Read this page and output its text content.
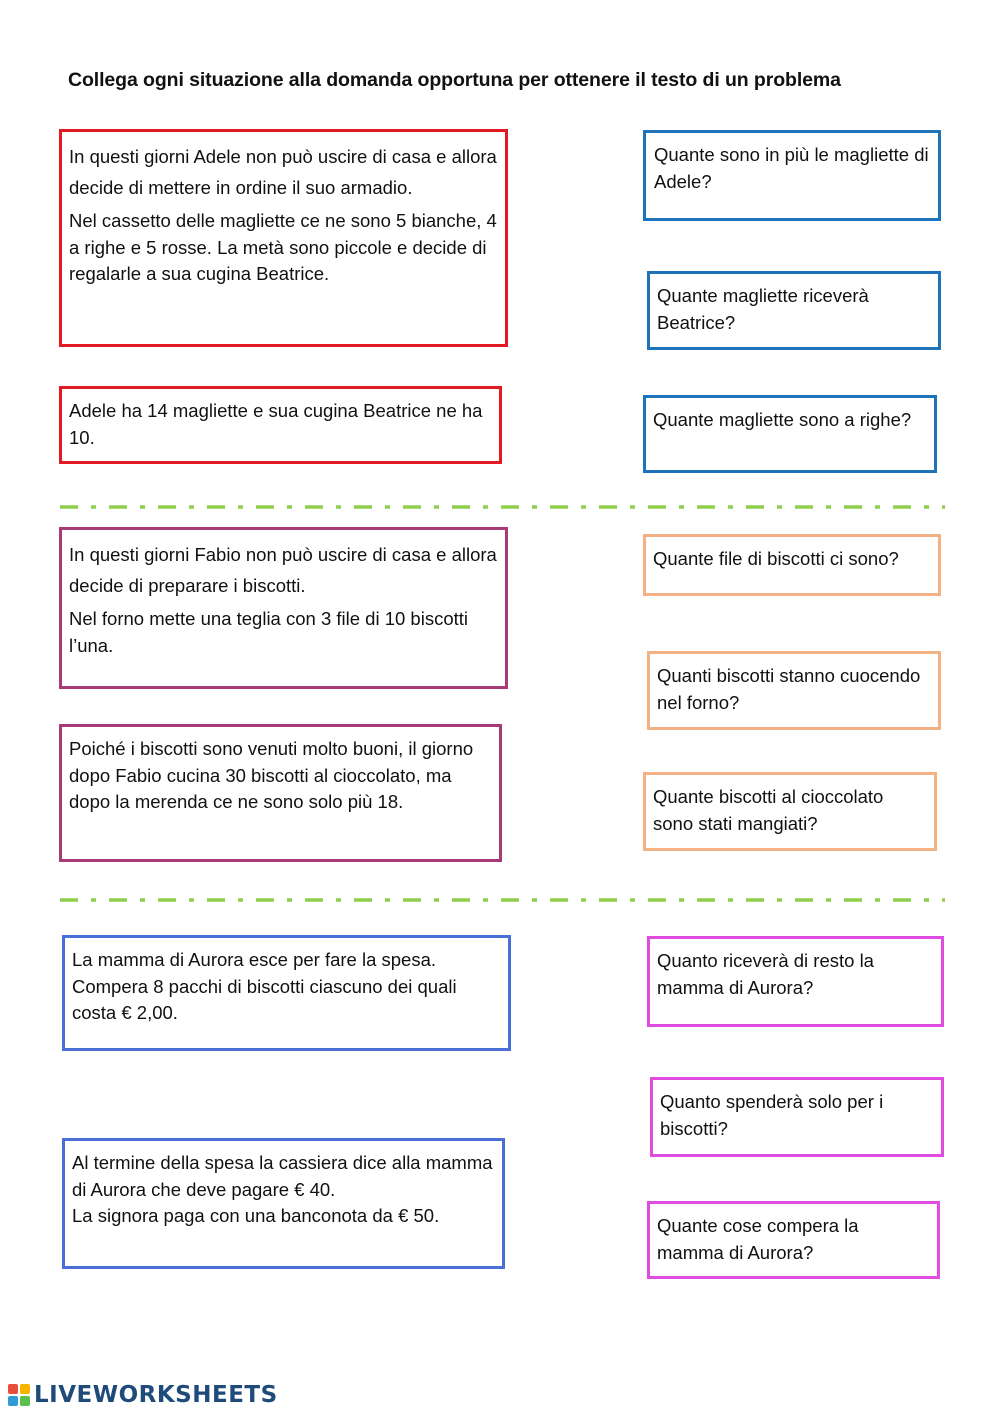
Collega ogni situazione alla domanda opportuna per ottenere il testo di un problema

In questi giorni Adele non può uscire di casa e allora decide di mettere in ordine il suo armadio.

Nel cassetto delle magliette ce ne sono 5 bianche, 4 a righe e 5 rosse. La metà sono piccole e decide di regalarle a sua cugina Beatrice.

Adele ha 14 magliette e sua cugina Beatrice ne ha 10.

Quante sono in più le magliette di Adele?

Quante magliette riceverà Beatrice?

Quante magliette sono a righe?

In questi giorni Fabio non può uscire di casa e allora decide di preparare i biscotti.

Nel forno mette una teglia con 3 file di 10 biscotti l’una.

Poiché i biscotti sono venuti molto buoni, il giorno dopo Fabio cucina 30 biscotti al cioccolato, ma dopo la merenda ce ne sono solo più 18.

Quante file di biscotti ci sono?

Quanti biscotti stanno cuocendo nel forno?

Quante biscotti al cioccolato sono stati mangiati?

La mamma di Aurora esce per fare la spesa.

Compera 8 pacchi di biscotti ciascuno dei quali costa € 2,00.

Al termine della spesa la cassiera dice alla mamma di Aurora che deve pagare € 40.

La signora paga con una banconota da € 50.

Quanto riceverà di resto la mamma di Aurora?

Quanto spenderà solo per i biscotti?

Quante cose compera la mamma di Aurora?

LIVEWORKSHEETS
